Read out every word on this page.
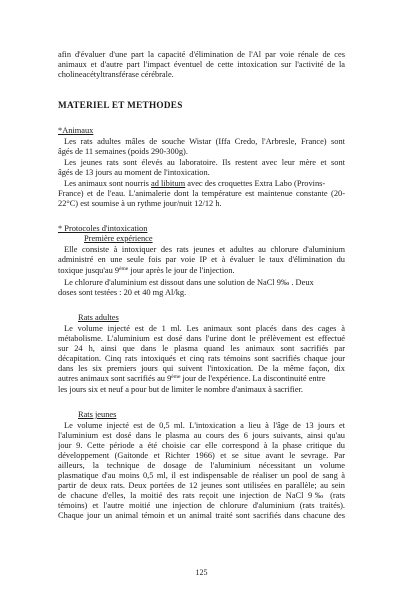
afin d'évaluer d'une part la capacité d'élimination de l'Al par voie rénale de ces
animaux et d'autre part l'impact éventuel de cette intoxication sur l'activité de la
cholineacétyltransférase cérébrale.
MATERIEL ET METHODES
*Animaux
Les rats adultes mâles de souche Wistar (Iffa Credo, l'Arbresle, France) sont
âgés de 11 semaines (poids 290-300g).
Les jeunes rats sont élevés au laboratoire. Ils restent avec leur mère et sont
âgés de 13 jours au moment de l'intoxication.
Les animaux sont nourris ad libitum avec des croquettes Extra Labo (Provins-
France) et de l'eau. L'animalerie dont la température est maintenue constante (20-
22°C) est soumise à un rythme jour/nuit 12/12 h.
* Protocoles d'intoxication
Première expérience
Elle consiste à intoxiquer des rats jeunes et adultes au chlorure d'aluminium
administré en une seule fois par voie IP et à évaluer le taux d'élimination du
toxique jusqu'au 9ème jour après le jour de l'injection.
Le chlorure d'aluminium est dissout dans une solution de NaCl 9‰ . Deux
doses sont testées : 20 et 40 mg Al/kg.
Rats adultes
Le volume injecté est de 1 ml. Les animaux sont placés dans des cages à
métabolisme. L'aluminium est dosé dans l'urine dont le prélèvement est effectué
sur 24 h, ainsi que dans le plasma quand les animaux sont sacrifiés par
décapitation. Cinq rats intoxiqués et cinq rats témoins sont sacrifiés chaque jour
dans les six premiers jours qui suivent l'intoxication. De la même façon, dix
autres animaux sont sacrifiés au 9ème jour de l'expérience. La discontinuité entre
les jours six et neuf a pour but de limiter le nombre d'animaux à sacrifier.
Rats jeunes
Le volume injecté est de 0,5 ml. L'intoxication a lieu à l'âge de 13 jours et
l'aluminium est dosé dans le plasma au cours des 6 jours suivants, ainsi qu'au
jour 9. Cette période a été choisie car elle correspond à la phase critique du
développement (Gaitonde et Richter 1966) et se situe avant le sevrage. Par
ailleurs, la technique de dosage de l'aluminium nécessitant un volume
plasmatique d'au moins 0,5 ml, il est indispensable de réaliser un pool de sang à
partir de deux rats. Deux portées de 12 jeunes sont utilisées en parallèle; au sein
de chacune d'elles, la moitié des rats reçoit une injection de NaCl 9‰ (rats
témoins) et l'autre moitié une injection de chlorure d'aluminium (rats traités).
Chaque jour un animal témoin et un animal traité sont sacrifiés dans chacune des
125
